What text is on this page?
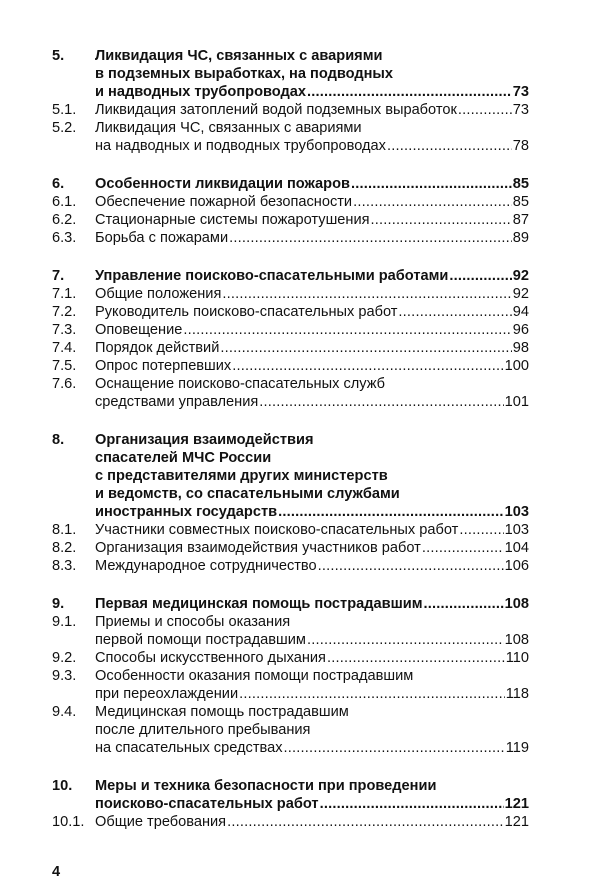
5.	Ликвидация ЧС, связанных с авариями
в подземных выработках, на подводных
и надводных трубопроводах .....	73
5.1.	Ликвидация затоплений водой подземных выработок .....	73
5.2.	Ликвидация ЧС, связанных с авариями
на надводных и подводных трубопроводах .....	78
6.	Особенности ликвидации пожаров .....	85
6.1.	Обеспечение пожарной безопасности .....	85
6.2.	Стационарные системы пожаротушения .....	87
6.3.	Борьба с пожарами .....	89
7.	Управление поисково-спасательными работами .....	92
7.1.	Общие положения .....	92
7.2.	Руководитель поисково-спасательных работ .....	94
7.3.	Оповещение .....	96
7.4.	Порядок действий .....	98
7.5.	Опрос потерпевших .....	100
7.6.	Оснащение поисково-спасательных служб
средствами управления .....	101
8.	Организация взаимодействия
спасателей МЧС России
с представителями других министерств
и ведомств, со спасательными службами
иностранных государств .....	103
8.1.	Участники совместных поисково-спасательных работ .....	103
8.2.	Организация взаимодействия участников работ .....	104
8.3.	Международное сотрудничество .....	106
9.	Первая медицинская помощь пострадавшим .....	108
9.1.	Приемы и способы оказания
первой помощи пострадавшим .....	108
9.2.	Способы искусственного дыхания .....	110
9.3.	Особенности оказания помощи пострадавшим
при переохлаждении .....	118
9.4.	Медицинская помощь пострадавшим
после длительного пребывания
на спасательных средствах .....	119
10.	Меры и техника безопасности при проведении
поисково-спасательных работ .....	121
10.1. Общие требования .....	121
4
